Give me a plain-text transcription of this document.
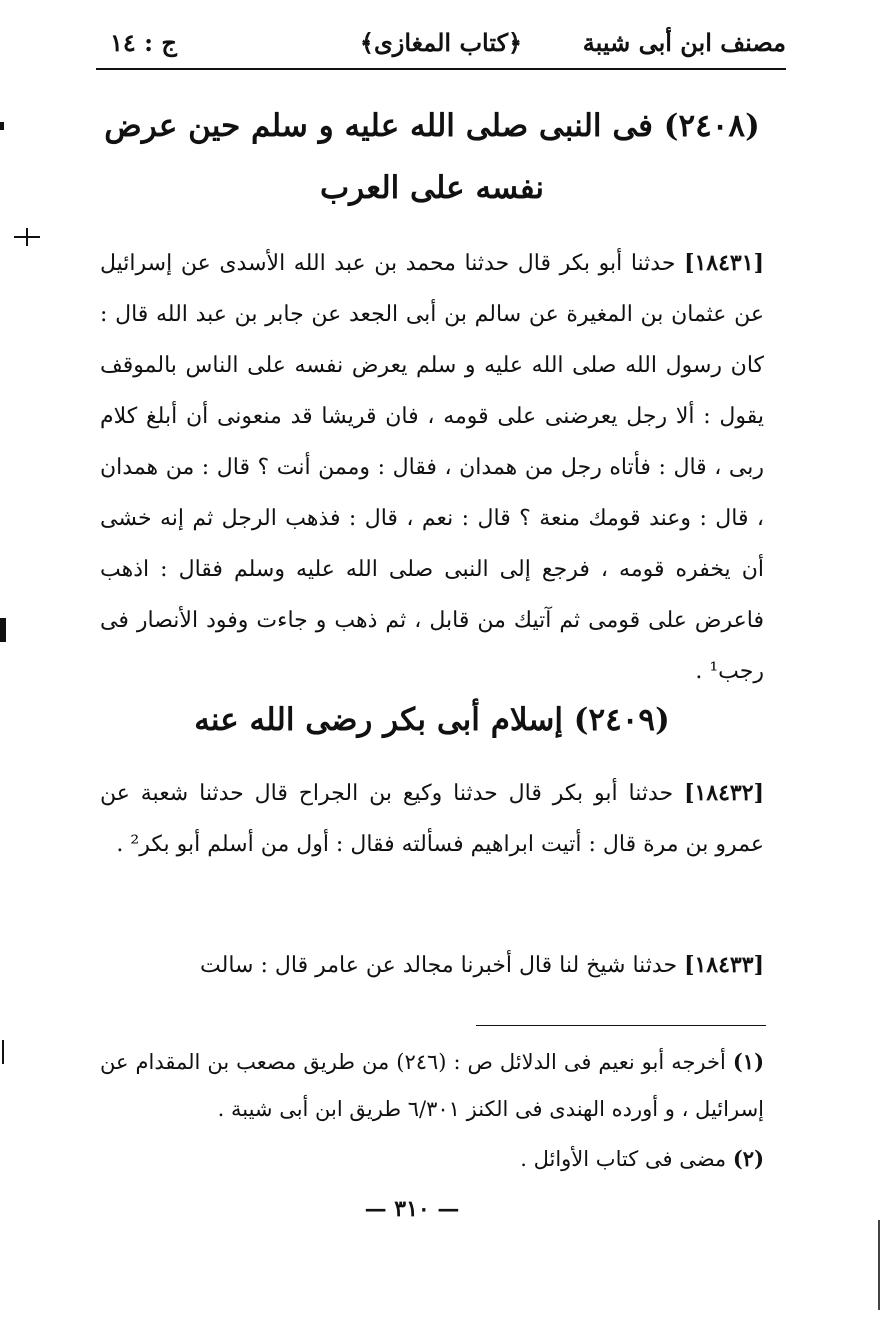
مصنف ابن أبى شيبة
﴿كتاب المغازى﴾
ج : ١٤
(٢٤٠٨) فى النبى صلى الله عليه و سلم حين عرض
نفسه على العرب
[١٨٤٣١] حدثنا أبو بكر قال حدثنا محمد بن عبد الله الأسدى عن إسرائيل عن عثمان بن المغيرة عن سالم بن أبى الجعد عن جابر بن عبد الله قال : كان رسول الله صلى الله عليه و سلم يعرض نفسه على الناس بالموقف يقول : ألا رجل يعرضنى على قومه ، فان قريشا قد منعونى أن أبلغ كلام ربى ، قال : فأتاه رجل من همدان ، فقال : وممن أنت ؟ قال : من همدان ، قال : وعند قومك منعة ؟ قال : نعم ، قال : فذهب الرجل ثم إنه خشى أن يخفره قومه ، فرجع إلى النبى صلى الله عليه وسلم فقال : اذهب فاعرض على قومى ثم آتيك من قابل ، ثم ذهب و جاءت وفود الأنصار فى رجب¹ .
(٢٤٠٩) إسلام أبى بكر رضى الله عنه
[١٨٤٣٢] حدثنا أبو بكر قال حدثنا وكيع بن الجراح قال حدثنا شعبة عن عمرو بن مرة قال : أتيت ابراهيم فسألته فقال : أول من أسلم أبو بكر² .
[١٨٤٣٣] حدثنا شيخ لنا قال أخبرنا مجالد عن عامر قال : سالت
(١) أخرجه أبو نعيم فى الدلائل ص : (٢٤٦) من طريق مصعب بن المقدام عن إسرائيل ، و أورده الهندى فى الكنز ٦/٣٠١ طريق ابن أبى شيبة .
(٢) مضى فى كتاب الأوائل .
— ٣١٠ —
